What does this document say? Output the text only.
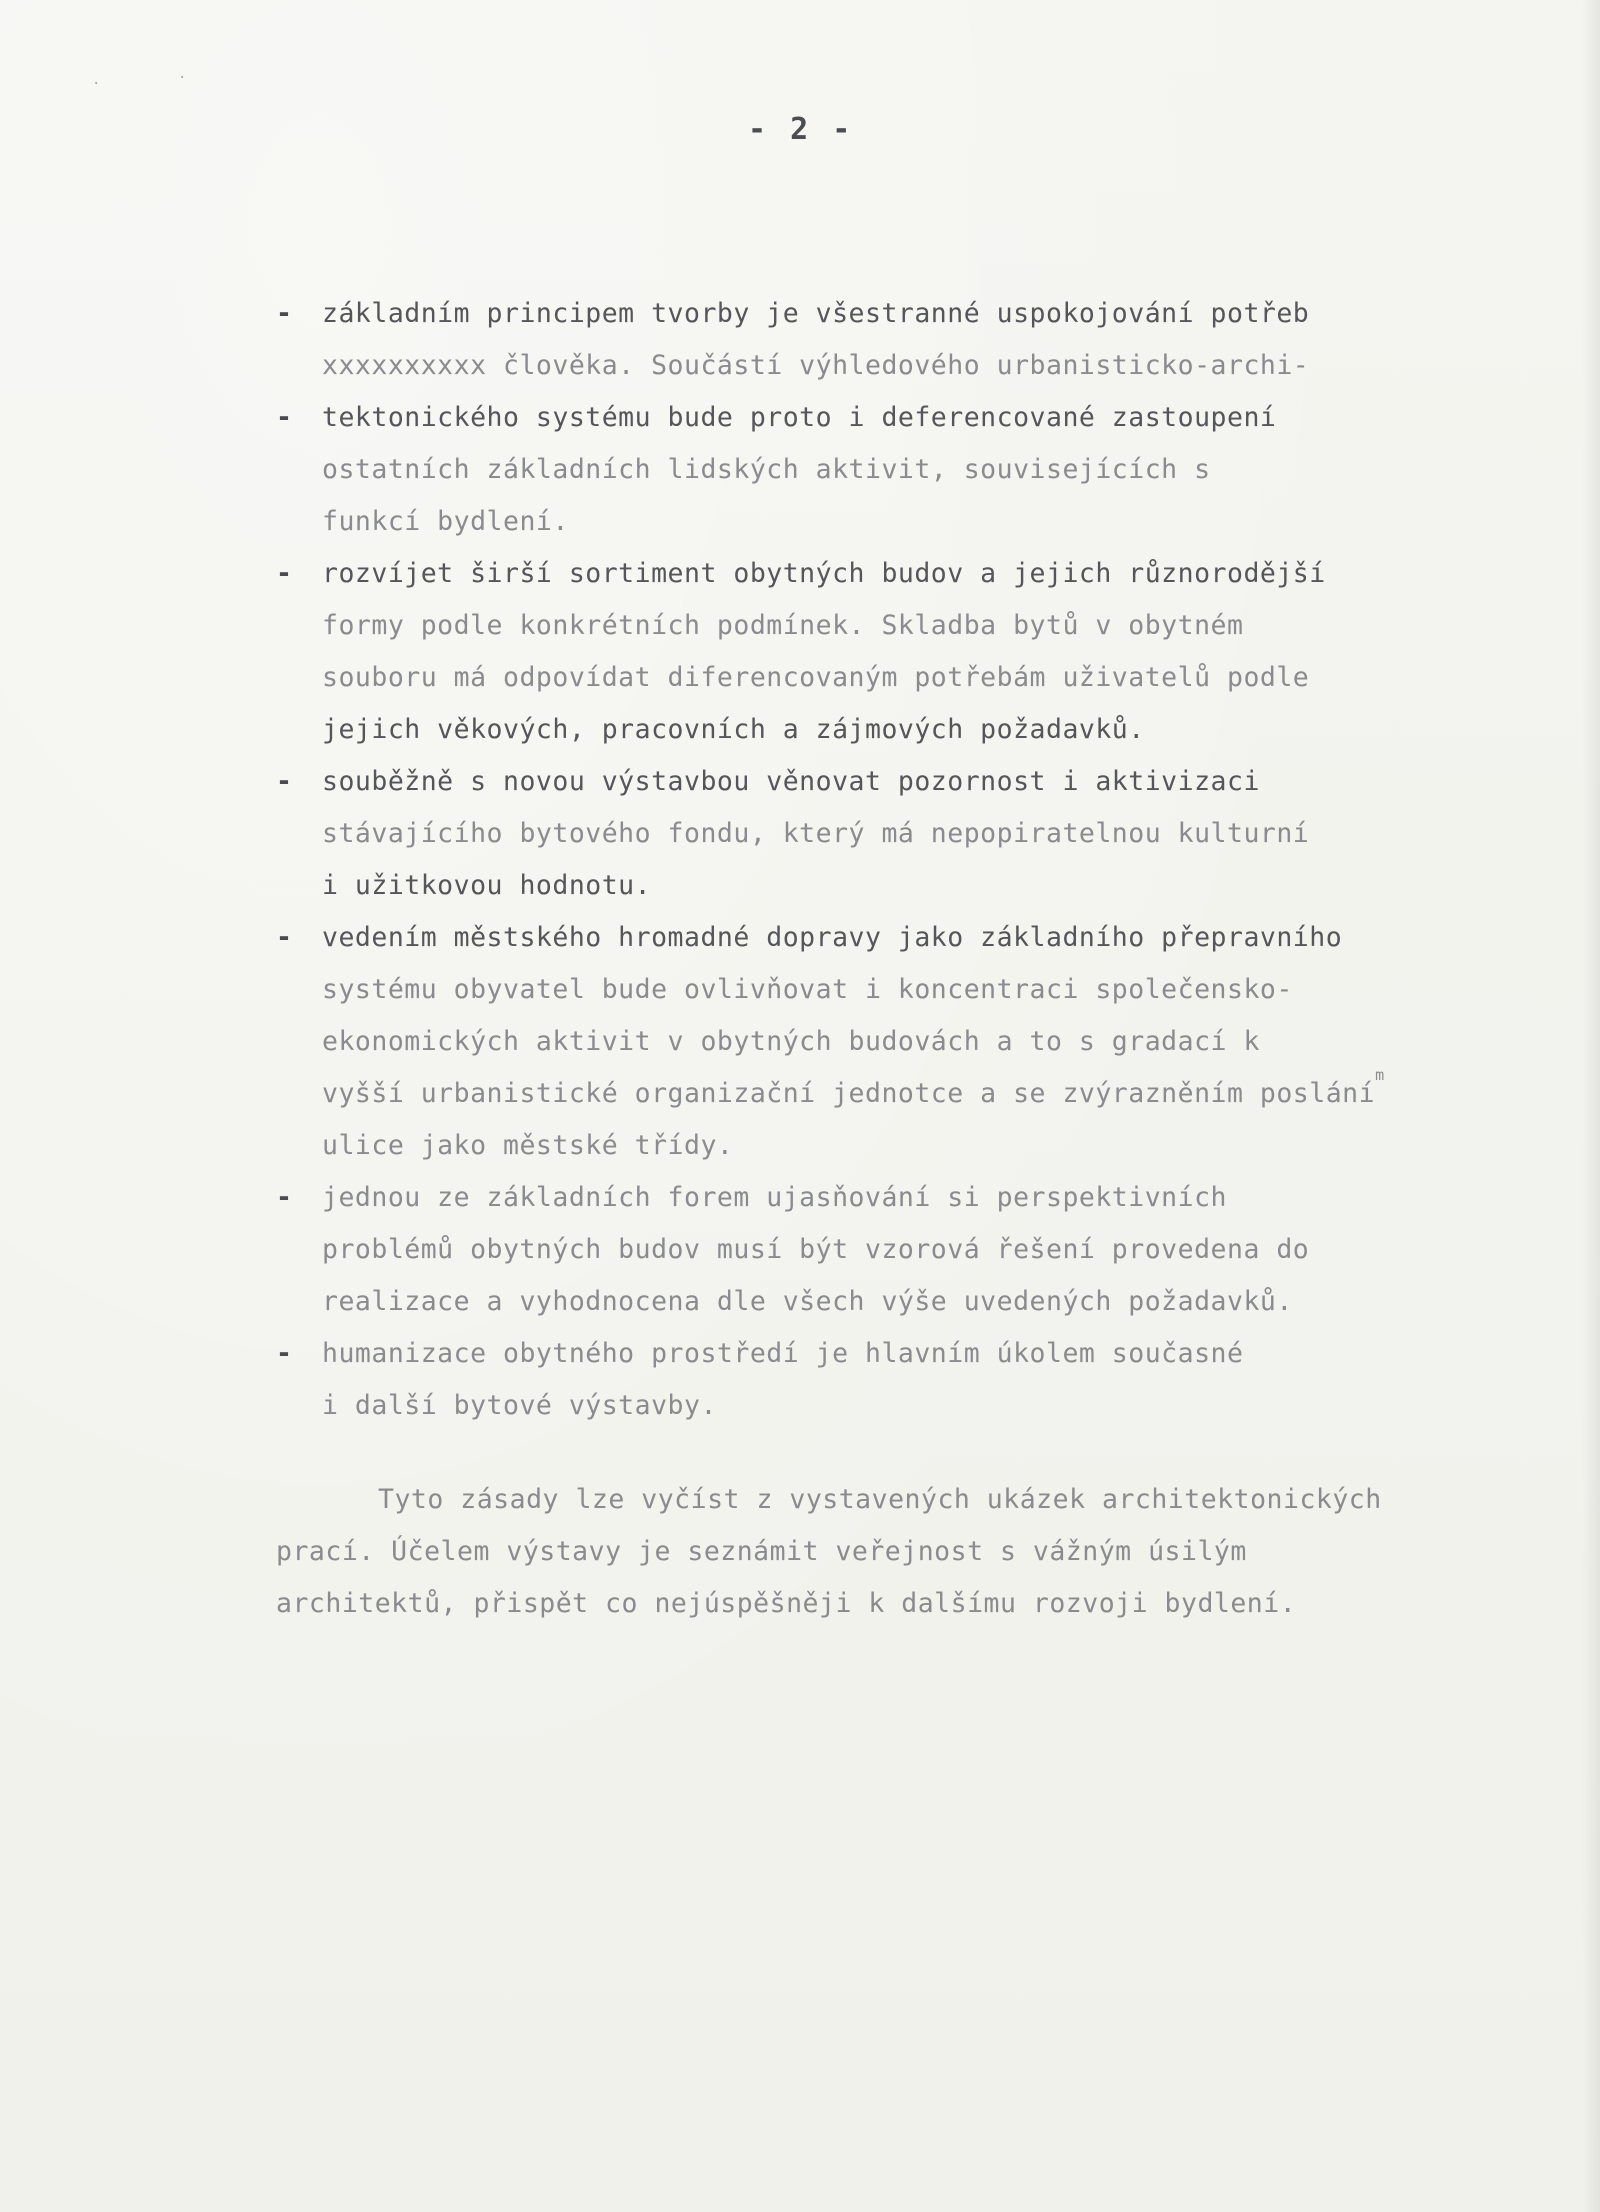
·	·
- 2 -
- základním principem tvorby je všestranné uspokojování potřeb
xxxxxxxxxx člověka. Součástí výhledového urbanisticko-archi-
- tektonického systému bude proto i deferencované zastoupení
ostatních základních lidských aktivit, souvisejících s
funkcí bydlení.
- rozvíjet širší sortiment obytných budov a jejich různorodější
formy podle konkrétních podmínek. Skladba bytů v obytném
souboru má odpovídat diferencovaným potřebám uživatelů podle
jejich věkových, pracovních a zájmových požadavků.
- souběžně s novou výstavbou věnovat pozornost i aktivizaci
stávajícího bytového fondu, který má nepopiratelnou kulturní
i užitkovou hodnotu.
- vedením městského hromadné dopravy jako základního přepravního
systému obyvatel bude ovlivňovat i koncentraci společensko-
ekonomických aktivit v obytných budovách a to s gradací k
vyšší urbanistické organizační jednotce a se zvýrazněním poslání$^m$
ulice jako městské třídy.
- jednou ze základních forem ujasňování si perspektivních
problémů obytných budov musí být vzorová řešení provedena do
realizace a vyhodnocena dle všech výše uvedených požadavků.
- humanizace obytného prostředí je hlavním úkolem současné
i další bytové výstavby.
Tyto zásady lze vyčíst z vystavených ukázek architektonických
prací. Účelem výstavy je seznámit veřejnost s vážným úsilým
architektů, přispět co nejúspěšněji k dalšímu rozvoji bydlení.
